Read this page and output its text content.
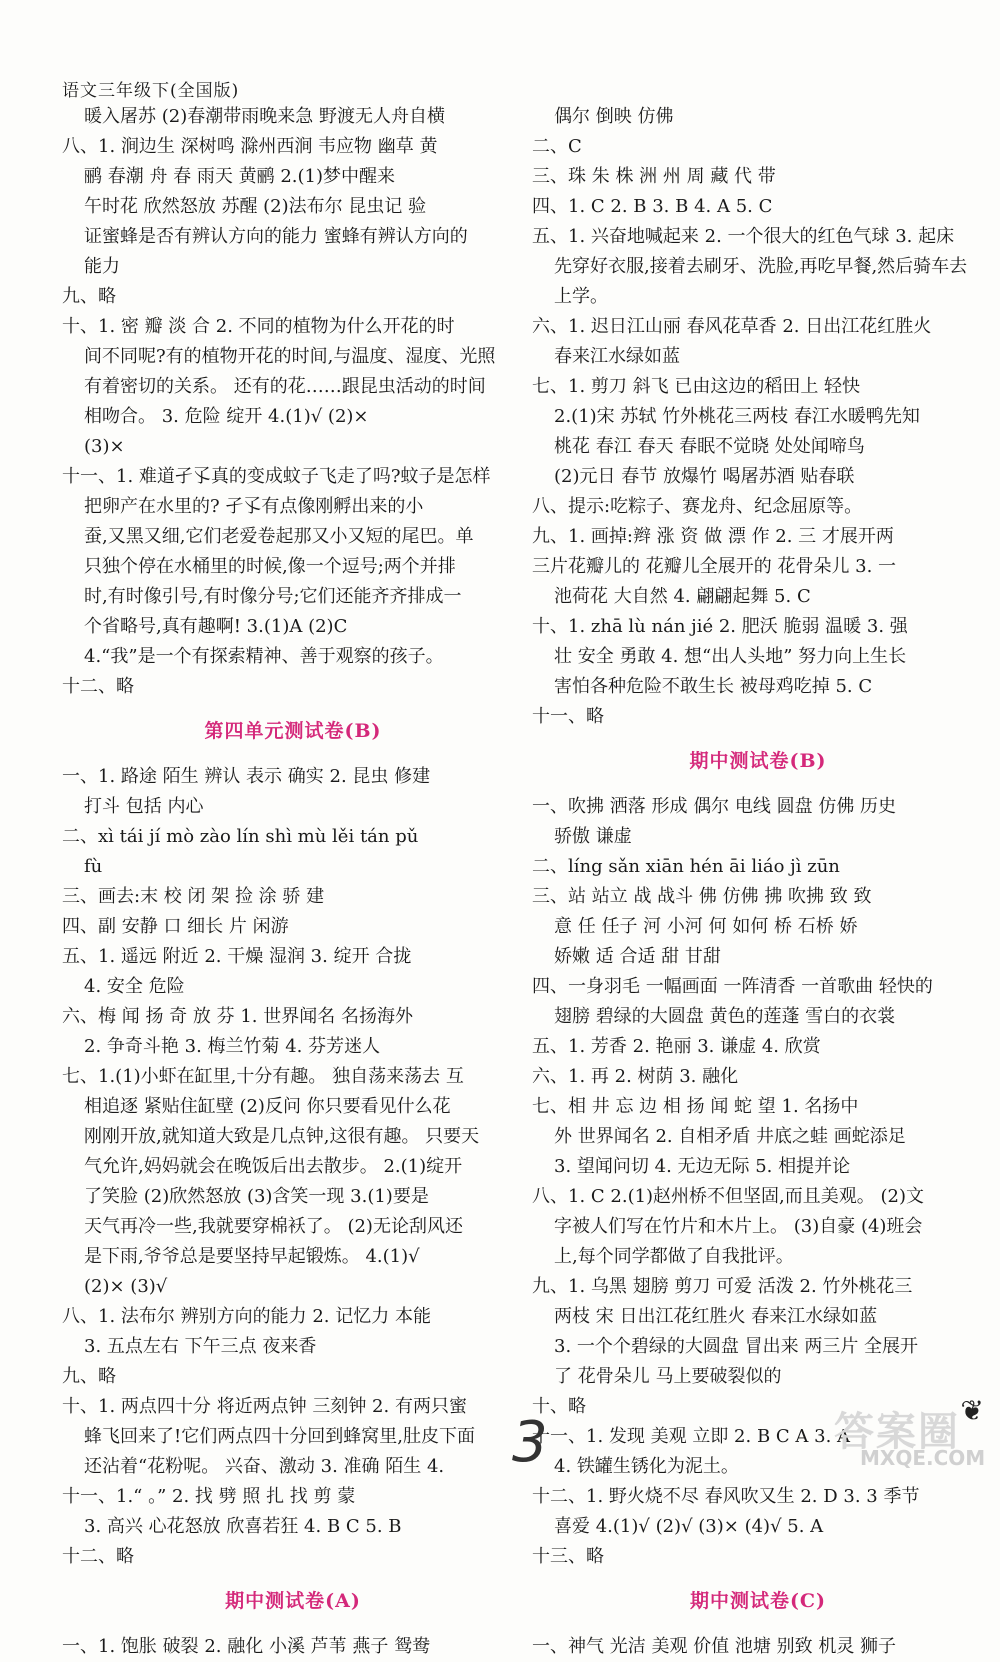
语文三年级下(全国版)
暖入屠苏 (2)春潮带雨晚来急 野渡无人舟自横
八、1. 涧边生 深树鸣 滁州西涧 韦应物 幽草 黄
鹂 春潮 舟 春 雨天 黄鹂 2.(1)梦中醒来
午时花 欣然怒放 苏醒 (2)法布尔 昆虫记 验
证蜜蜂是否有辨认方向的能力 蜜蜂有辨认方向的
能力
九、略
十、1. 密 瓣 淡 合 2. 不同的植物为什么开花的时
间不同呢?有的植物开花的时间,与温度、湿度、光照
有着密切的关系。 还有的花……跟昆虫活动的时间
相吻合。 3. 危险 绽开 4.(1)√ (2)×
(3)×
十一、1. 难道孑孓真的变成蚊子飞走了吗?蚊子是怎样
把卵产在水里的? 孑孓有点像刚孵出来的小
蚕,又黑又细,它们老爱卷起那又小又短的尾巴。单
只独个停在水桶里的时候,像一个逗号;两个并排
时,有时像引号,有时像分号;它们还能齐齐排成一
个省略号,真有趣啊! 3.(1)A (2)C
4.“我”是一个有探索精神、善于观察的孩子。
十二、略
第四单元测试卷(B)
一、1. 路途 陌生 辨认 表示 确实 2. 昆虫 修建
打斗 包括 内心
二、xì tái jí mò zào lín shì mù lěi tán pǔ
fù
三、画去:末 校 闭 架 捡 涂 骄 建
四、副 安静 口 细长 片 闲游
五、1. 遥远 附近 2. 干燥 湿润 3. 绽开 合拢
4. 安全 危险
六、梅 闻 扬 奇 放 芬 1. 世界闻名 名扬海外
2. 争奇斗艳 3. 梅兰竹菊 4. 芬芳迷人
七、1.(1)小虾在缸里,十分有趣。 独自荡来荡去 互
相追逐 紧贴住缸壁 (2)反问 你只要看见什么花
刚刚开放,就知道大致是几点钟,这很有趣。 只要天
气允许,妈妈就会在晚饭后出去散步。 2.(1)绽开
了笑脸 (2)欣然怒放 (3)含笑一现 3.(1)要是
天气再冷一些,我就要穿棉袄了。 (2)无论刮风还
是下雨,爷爷总是要坚持早起锻炼。 4.(1)√
(2)× (3)√
八、1. 法布尔 辨别方向的能力 2. 记忆力 本能
3. 五点左右 下午三点 夜来香
九、略
十、1. 两点四十分 将近两点钟 三刻钟 2. 有两只蜜
蜂飞回来了!它们两点四十分回到蜂窝里,肚皮下面
还沾着“花粉呢。 兴奋、激动 3. 准确 陌生 4.
十一、1.“ 。” 2. 找 劈 照 扎 找 剪 蒙
3. 高兴 心花怒放 欣喜若狂 4. B C 5. B
十二、略
期中测试卷(A)
一、1. 饱胀 破裂 2. 融化 小溪 芦苇 燕子 鸳鸯
偶尔 倒映 仿佛
二、C
三、珠 朱 株 洲 州 周 藏 代 带
四、1. C 2. B 3. B 4. A 5. C
五、1. 兴奋地喊起来 2. 一个很大的红色气球 3. 起床
先穿好衣服,接着去刷牙、洗脸,再吃早餐,然后骑车去
上学。
六、1. 迟日江山丽 春风花草香 2. 日出江花红胜火
春来江水绿如蓝
七、1. 剪刀 斜飞 已由这边的稻田上 轻快
2.(1)宋 苏轼 竹外桃花三两枝 春江水暖鸭先知
桃花 春江 春天 春眠不觉晓 处处闻啼鸟
(2)元日 春节 放爆竹 喝屠苏酒 贴春联
八、提示:吃粽子、赛龙舟、纪念屈原等。
九、1. 画掉:辫 涨 资 做 漂 作 2. 三 才展开两
三片花瓣儿的 花瓣儿全展开的 花骨朵儿 3. 一
池荷花 大自然 4. 翩翩起舞 5. C
十、1. zhā lù nán jié 2. 肥沃 脆弱 温暖 3. 强
壮 安全 勇敢 4. 想“出人头地” 努力向上生长
害怕各种危险不敢生长 被母鸡吃掉 5. C
十一、略
期中测试卷(B)
一、吹拂 洒落 形成 偶尔 电线 圆盘 仿佛 历史
骄傲 谦虚
二、líng sǎn xiān hén āi liáo jì zūn
三、站 站立 战 战斗 佛 仿佛 拂 吹拂 致 致
意 任 任子 河 小河 何 如何 桥 石桥 娇
娇嫩 适 合适 甜 甘甜
四、一身羽毛 一幅画面 一阵清香 一首歌曲 轻快的
翅膀 碧绿的大圆盘 黄色的莲蓬 雪白的衣裳
五、1. 芳香 2. 艳丽 3. 谦虚 4. 欣赏
六、1. 再 2. 树荫 3. 融化
七、相 井 忘 边 相 扬 闻 蛇 望 1. 名扬中
外 世界闻名 2. 自相矛盾 井底之蛙 画蛇添足
3. 望闻问切 4. 无边无际 5. 相提并论
八、1. C 2.(1)赵州桥不但坚固,而且美观。 (2)文
字被人们写在竹片和木片上。 (3)自豪 (4)班会
上,每个同学都做了自我批评。
九、1. 乌黑 翅膀 剪刀 可爱 活泼 2. 竹外桃花三
两枝 宋 日出江花红胜火 春来江水绿如蓝
3. 一个个碧绿的大圆盘 冒出来 两三片 全展开
了 花骨朵儿 马上要破裂似的
十、略
十一、1. 发现 美观 立即 2. B C A 3. A
4. 铁罐生锈化为泥土。
十二、1. 野火烧不尽 春风吹又生 2. D 3. 3 季节
喜爱 4.(1)√ (2)√ (3)× (4)√ 5. A
十三、略
期中测试卷(C)
一、神气 光洁 美观 价值 池塘 别致 机灵 狮子
3	答案圈
MXQE.COM
❦
